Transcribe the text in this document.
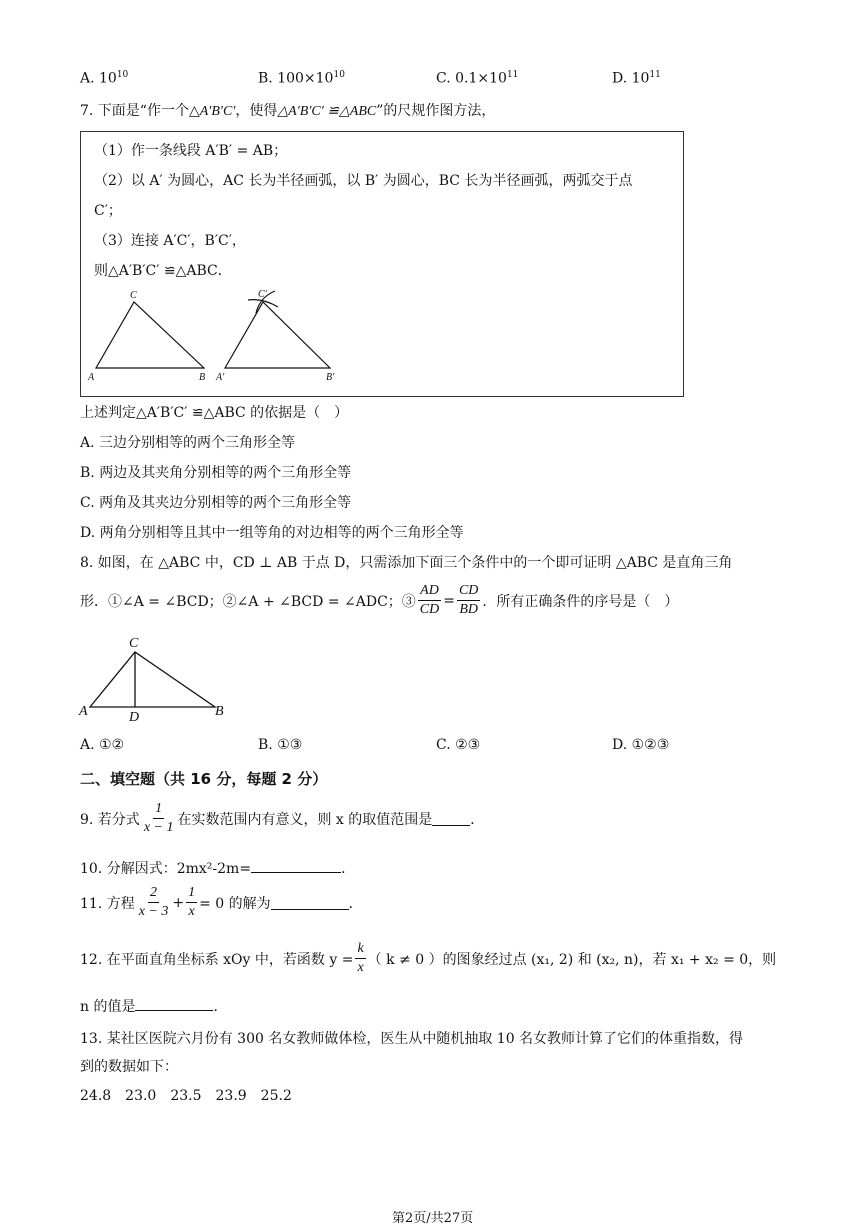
A. $10^{10}$	B. $100\times 10^{10}$	C. $0.1\times 10^{11}$	D. $10^{11}$
7. 下面是“作一个△A′B′C′，使得△A′B′C′ ≌△ABC”的尺规作图方法，
（1）作一条线段 A′B′ = AB；
（2）以 A′ 为圆心，AC 长为半径画弧，以 B′ 为圆心，BC 长为半径画弧，两弧交于点
C′；
（3）连接 A′C′，B′C′，
则△A′B′C′ ≌△ABC．
C
A	B
C′
A′	B′
上述判定△A′B′C′ ≌△ABC 的依据是（　）
A. 三边分别相等的两个三角形全等
B. 两边及其夹角分别相等的两个三角形全等
C. 两角及其夹边分别相等的两个三角形全等
D. 两角分别相等且其中一组等角的对边相等的两个三角形全等
8. 如图，在 △ABC 中，CD ⊥ AB 于点 D，只需添加下面三个条件中的一个即可证明 △ABC 是直角三角
形．①∠A = ∠BCD；②∠A + ∠BCD = ∠ADC；③ $\frac{AD}{CD} = \frac{CD}{BD}$ ．所有正确条件的序号是（　）
C
A	D	B
A. ①②	B. ①③	C. ②③	D. ①②③
二、填空题（共 16 分，每题 2 分）
9. 若分式 $\frac{1}{x - 1}$ 在实数范围内有意义，则 x 的取值范围是	．
10. 分解因式：2mx²-2m=	．
11. 方程 $\frac{2}{x - 3} + \frac{1}{x} = 0$ 的解为	．
12. 在平面直角坐标系 xOy 中，若函数 $y = \frac{k}{x}$ （ k ≠ 0 ）的图象经过点 (x₁, 2) 和 (x₂, n)，若 x₁ + x₂ = 0，则
n 的值是	．
13. 某社区医院六月份有 300 名女教师做体检，医生从中随机抽取 10 名女教师计算了它们的体重指数，得
到的数据如下：
24.8　23.0　23.5　23.9　25.2
第2页/共27页
